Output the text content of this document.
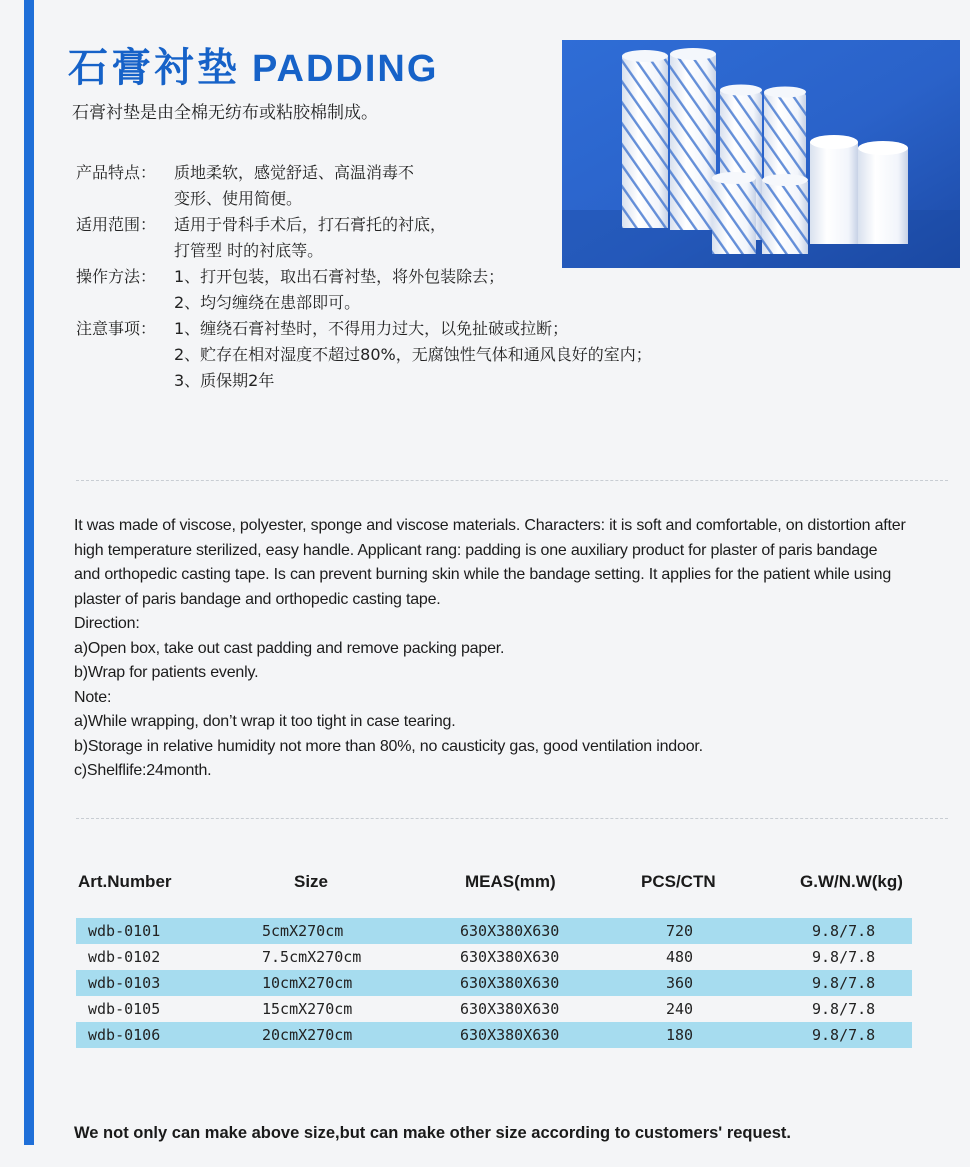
石膏衬垫 PADDING
石膏衬垫是由全棉无纺布或粘胶棉制成。
产品特点：	质地柔软，感觉舒适、高温消毒不
变形、使用简便。
适用范围：	适用于骨科手术后，打石膏托的衬底，
打管型 时的衬底等。
操作方法：	1、打开包装，取出石膏衬垫，将外包装除去；
2、均匀缠绕在患部即可。
注意事项：	1、缠绕石膏衬垫时，不得用力过大，以免扯破或拉断；
2、贮存在相对湿度不超过80%，无腐蚀性气体和通风良好的室内；
3、质保期2年
It was made of viscose, polyester, sponge and viscose materials. Characters: it is soft and comfortable, on distortion after
high temperature sterilized, easy handle. Applicant rang: padding is one auxiliary product for plaster of paris bandage
and orthopedic casting tape. Is can prevent burning skin while the bandage setting. It applies for the patient while using
plaster of paris bandage and orthopedic casting tape.
Direction:
a)Open box, take out cast padding and remove packing paper.
b)Wrap for patients evenly.
Note:
a)While wrapping, don’t wrap it too tight in case tearing.
b)Storage in relative humidity not more than 80%, no causticity gas, good ventilation indoor.
c)Shelflife:24month.
Art.Number	Size	MEAS(mm)	PCS/CTN	G.W/N.W(kg)
wdb-0101	5cmX270cm	630X380X630	720	9.8/7.8
wdb-0102	7.5cmX270cm	630X380X630	480	9.8/7.8
wdb-0103	10cmX270cm	630X380X630	360	9.8/7.8
wdb-0105	15cmX270cm	630X380X630	240	9.8/7.8
wdb-0106	20cmX270cm	630X380X630	180	9.8/7.8
We not only can make above size,but can make other size according to customers' request.
